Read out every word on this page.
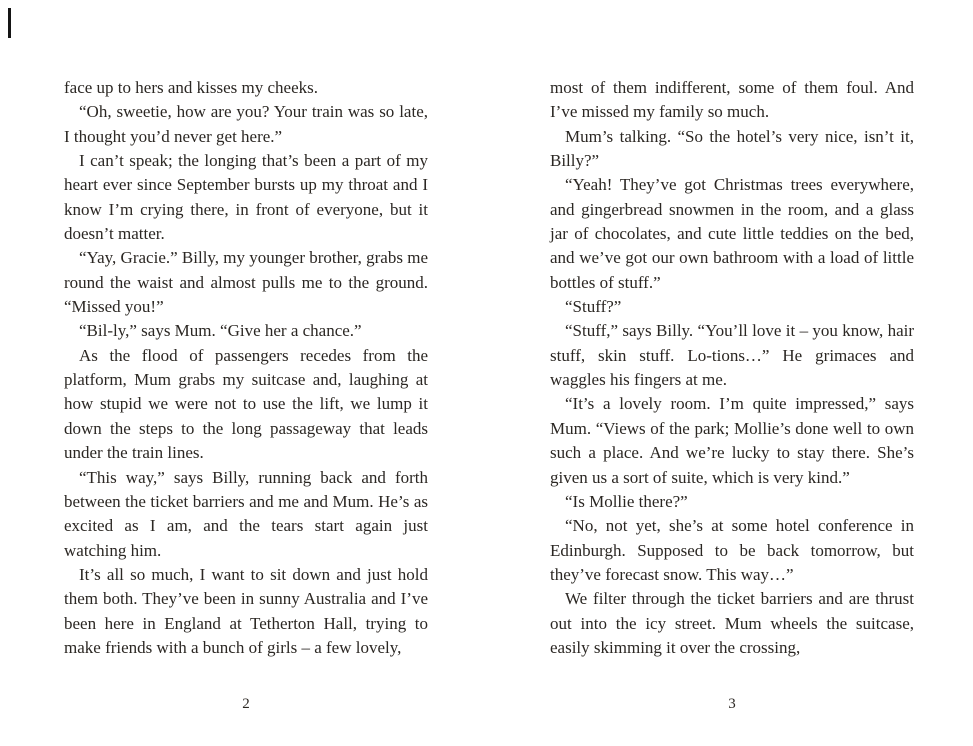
face up to hers and kisses my cheeks.

“Oh, sweetie, how are you? Your train was so late, I thought you’d never get here.”

I can’t speak; the longing that’s been a part of my heart ever since September bursts up my throat and I know I’m crying there, in front of everyone, but it doesn’t matter.

“Yay, Gracie.” Billy, my younger brother, grabs me round the waist and almost pulls me to the ground. “Missed you!”

“Bil-ly,” says Mum. “Give her a chance.”

As the flood of passengers recedes from the platform, Mum grabs my suitcase and, laughing at how stupid we were not to use the lift, we lump it down the steps to the long passageway that leads under the train lines.

“This way,” says Billy, running back and forth between the ticket barriers and me and Mum. He’s as excited as I am, and the tears start again just watching him.

It’s all so much, I want to sit down and just hold them both. They’ve been in sunny Australia and I’ve been here in England at Tetherton Hall, trying to make friends with a bunch of girls – a few lovely,

most of them indifferent, some of them foul. And I’ve missed my family so much.

Mum’s talking. “So the hotel’s very nice, isn’t it, Billy?”

“Yeah! They’ve got Christmas trees everywhere, and gingerbread snowmen in the room, and a glass jar of chocolates, and cute little teddies on the bed, and we’ve got our own bathroom with a load of little bottles of stuff.”

“Stuff?”

“Stuff,” says Billy. “You’ll love it – you know, hair stuff, skin stuff. Lo-tions…” He grimaces and waggles his fingers at me.

“It’s a lovely room. I’m quite impressed,” says Mum. “Views of the park; Mollie’s done well to own such a place. And we’re lucky to stay there. She’s given us a sort of suite, which is very kind.”

“Is Mollie there?”

“No, not yet, she’s at some hotel conference in Edinburgh. Supposed to be back tomorrow, but they’ve forecast snow. This way…”

We filter through the ticket barriers and are thrust out into the icy street. Mum wheels the suitcase, easily skimming it over the crossing,

2	3
